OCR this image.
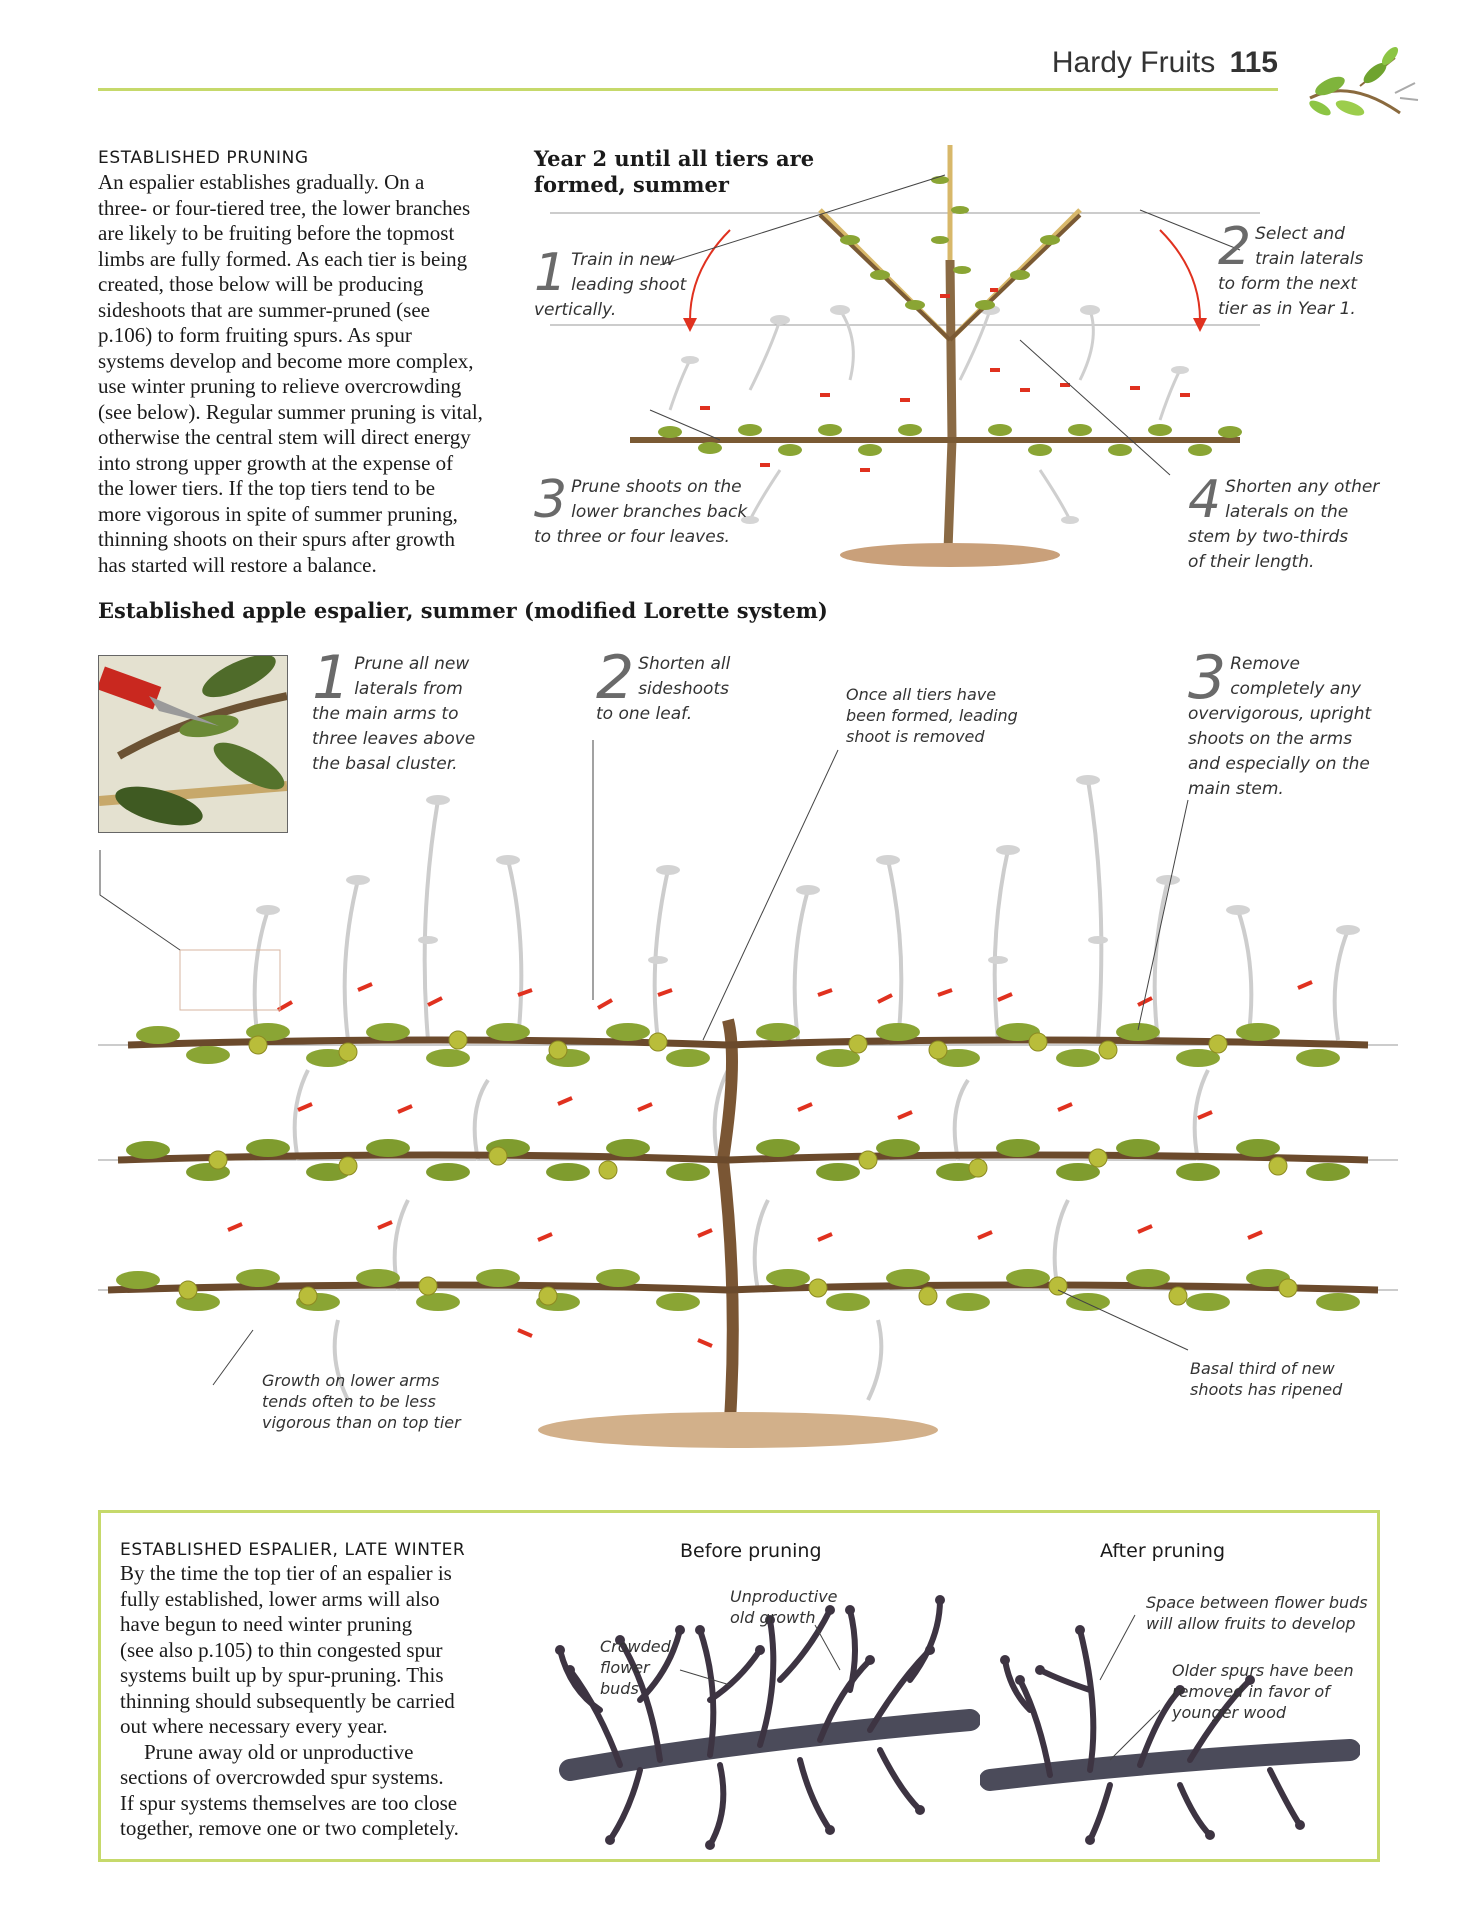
Hardy Fruits 115
ESTABLISHED PRUNING
An espalier establishes gradually. On a
three- or four-tiered tree, the lower branches
are likely to be fruiting before the topmost
limbs are fully formed. As each tier is being
created, those below will be producing
sideshoots that are summer-pruned (see
p.106) to form fruiting spurs. As spur
systems develop and become more complex,
use winter pruning to relieve overcrowding
(see below). Regular summer pruning is vital,
otherwise the central stem will direct energy
into strong upper growth at the expense of
the lower tiers. If the top tiers tend to be
more vigorous in spite of summer pruning,
thinning shoots on their spurs after growth
has started will restore a balance.
Year 2 until all tiers are
formed, summer
1 Train in new
leading shoot
vertically.
2 Select and
train laterals
to form the next
tier as in Year 1.
3 Prune shoots on the
lower branches back
to three or four leaves.
4 Shorten any other
laterals on the
stem by two-thirds
of their length.
Established apple espalier, summer (modified Lorette system)
1 Prune all new
laterals from
the main arms to
three leaves above
the basal cluster.
2 Shorten all
sideshoots
to one leaf.
Once all tiers have
been formed, leading
shoot is removed
3 Remove
completely any
overvigorous, upright
shoots on the arms
and especially on the
main stem.
Growth on lower arms
tends often to be less
vigorous than on top tier
Basal third of new
shoots has ripened
ESTABLISHED ESPALIER, LATE WINTER
By the time the top tier of an espalier is
fully established, lower arms will also
have begun to need winter pruning
(see also p.105) to thin congested spur
systems built up by spur-pruning. This
thinning should subsequently be carried
out where necessary every year.
Prune away old or unproductive
sections of overcrowded spur systems.
If spur systems themselves are too close
together, remove one or two completely.
Before pruning	After pruning
Unproductive
old growth
Crowded
flower
buds
Space between flower buds
will allow fruits to develop
Older spurs have been
removed in favor of
younger wood
